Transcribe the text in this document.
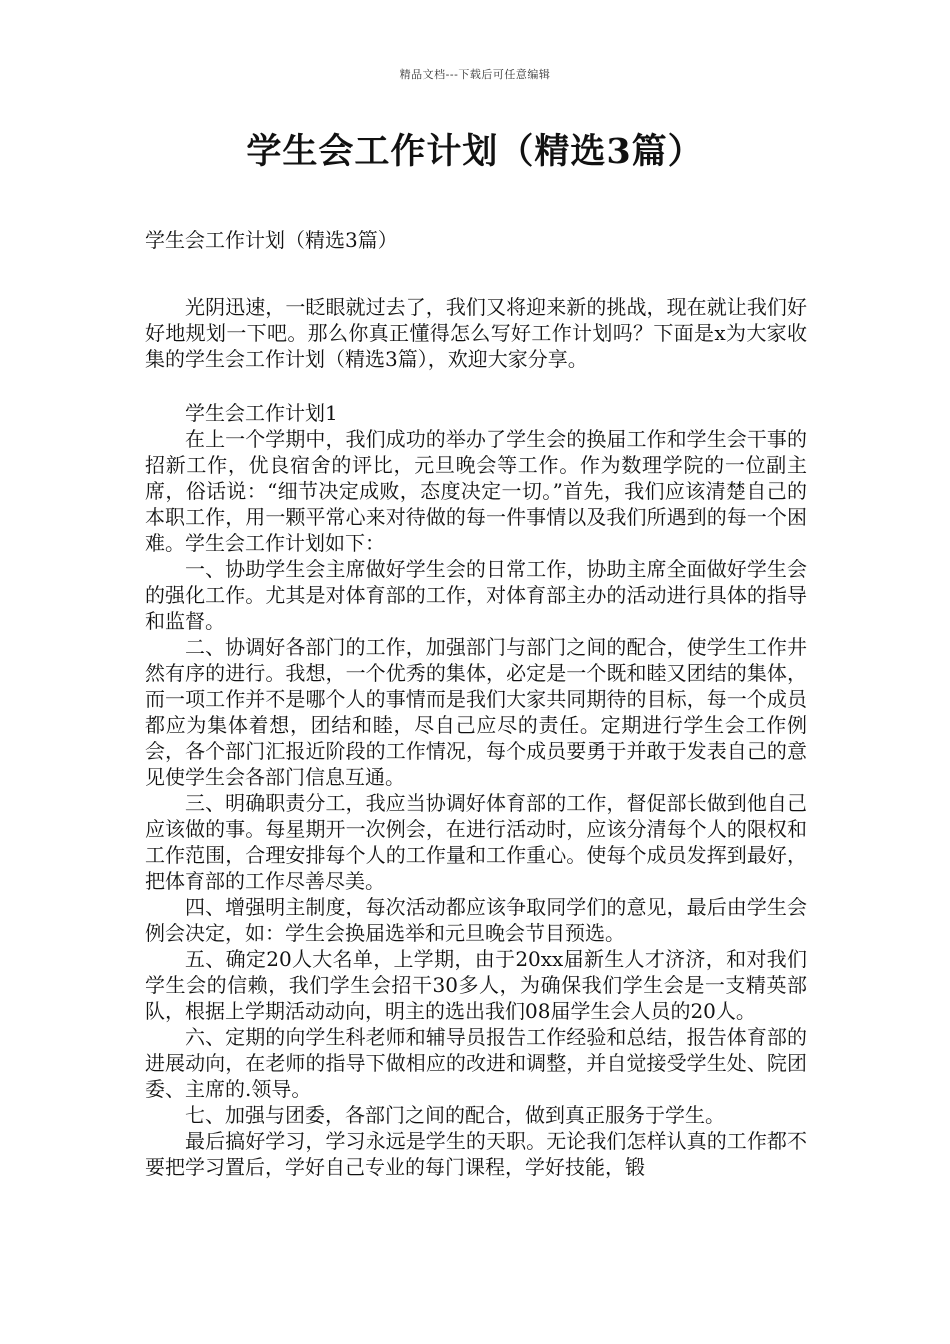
精品文档---下载后可任意编辑
学生会工作计划（精选3篇）
学生会工作计划（精选3篇）

光阴迅速，一眨眼就过去了，我们又将迎来新的挑战，现在就让我们好好地规划一下吧。那么你真正懂得怎么写好工作计划吗？下面是x为大家收集的学生会工作计划（精选3篇），欢迎大家分享。

学生会工作计划1

在上一个学期中，我们成功的举办了学生会的换届工作和学生会干事的招新工作，优良宿舍的评比，元旦晚会等工作。作为数理学院的一位副主席，俗话说：“细节决定成败，态度决定一切。”首先，我们应该清楚自己的本职工作，用一颗平常心来对待做的每一件事情以及我们所遇到的每一个困难。学生会工作计划如下：

一、协助学生会主席做好学生会的日常工作，协助主席全面做好学生会的强化工作。尤其是对体育部的工作，对体育部主办的活动进行具体的指导和监督。

二、协调好各部门的工作，加强部门与部门之间的配合，使学生工作井然有序的进行。我想，一个优秀的集体，必定是一个既和睦又团结的集体，而一项工作并不是哪个人的事情而是我们大家共同期待的目标，每一个成员都应为集体着想，团结和睦，尽自己应尽的责任。定期进行学生会工作例会，各个部门汇报近阶段的工作情况，每个成员要勇于并敢于发表自己的意见使学生会各部门信息互通。

三、明确职责分工，我应当协调好体育部的工作，督促部长做到他自己应该做的事。每星期开一次例会，在进行活动时，应该分清每个人的限权和工作范围，合理安排每个人的工作量和工作重心。使每个成员发挥到最好，把体育部的工作尽善尽美。

四、增强明主制度，每次活动都应该争取同学们的意见，最后由学生会例会决定，如：学生会换届选举和元旦晚会节目预选。

五、确定20人大名单，上学期，由于20xx届新生人才济济，和对我们学生会的信赖，我们学生会招干30多人，为确保我们学生会是一支精英部队，根据上学期活动动向，明主的选出我们08届学生会人员的20人。

六、定期的向学生科老师和辅导员报告工作经验和总结，报告体育部的进展动向，在老师的指导下做相应的改进和调整，并自觉接受学生处、院团委、主席的.领导。

七、加强与团委，各部门之间的配合，做到真正服务于学生。

最后搞好学习，学习永远是学生的天职。无论我们怎样认真的工作都不要把学习置后，学好自己专业的每门课程，学好技能，锻
